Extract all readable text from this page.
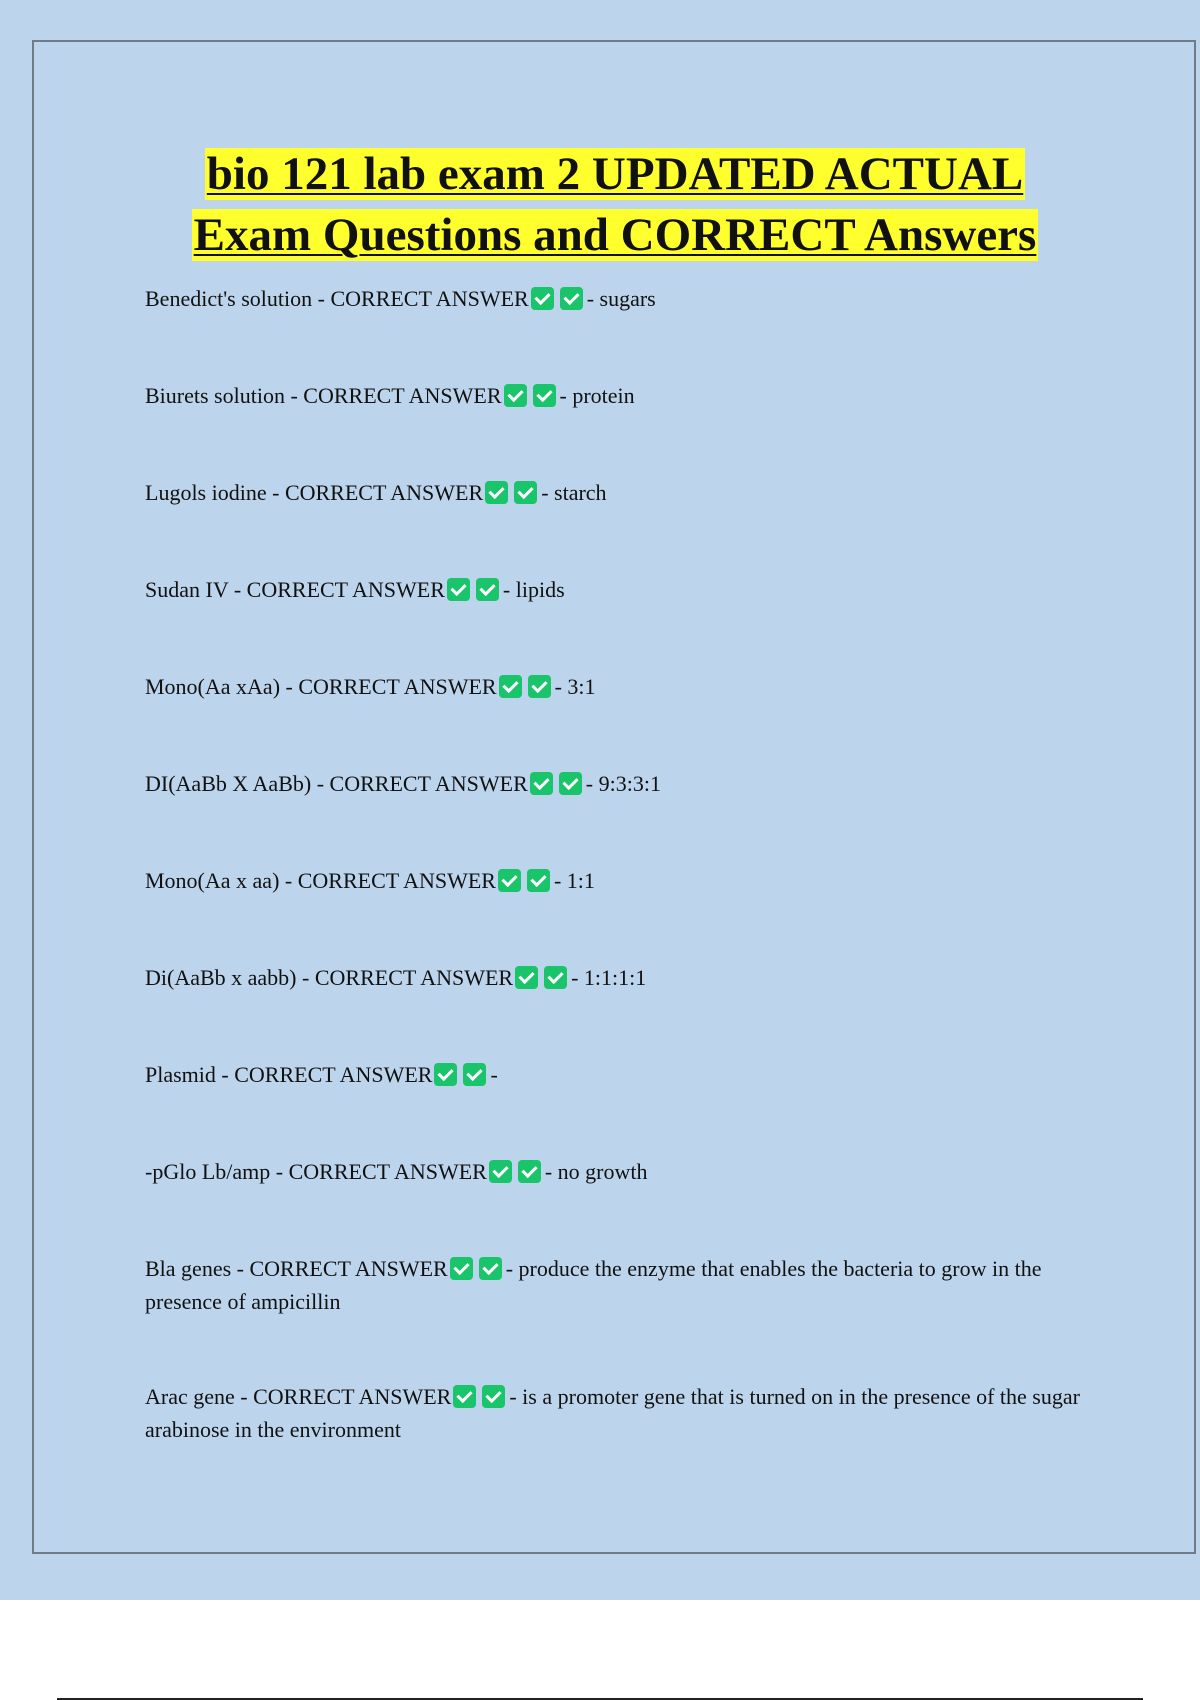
bio 121 lab exam 2 UPDATED ACTUAL
Exam Questions and CORRECT Answers
Benedict's solution - CORRECT ANSWER	- sugars
Biurets solution - CORRECT ANSWER	- protein
Lugols iodine - CORRECT ANSWER	- starch
Sudan IV - CORRECT ANSWER	- lipids
Mono(Aa xAa) - CORRECT ANSWER	- 3:1
DI(AaBb X AaBb) - CORRECT ANSWER	- 9:3:3:1
Mono(Aa x aa) - CORRECT ANSWER	- 1:1
Di(AaBb x aabb) - CORRECT ANSWER	- 1:1:1:1
Plasmid - CORRECT ANSWER	-
-pGlo Lb/amp - CORRECT ANSWER	- no growth
Bla genes - CORRECT ANSWER	- produce the enzyme that enables the bacteria to grow in the presence of ampicillin
Arac gene - CORRECT ANSWER	- is a promoter gene that is turned on in the presence of the sugar arabinose in the environment
